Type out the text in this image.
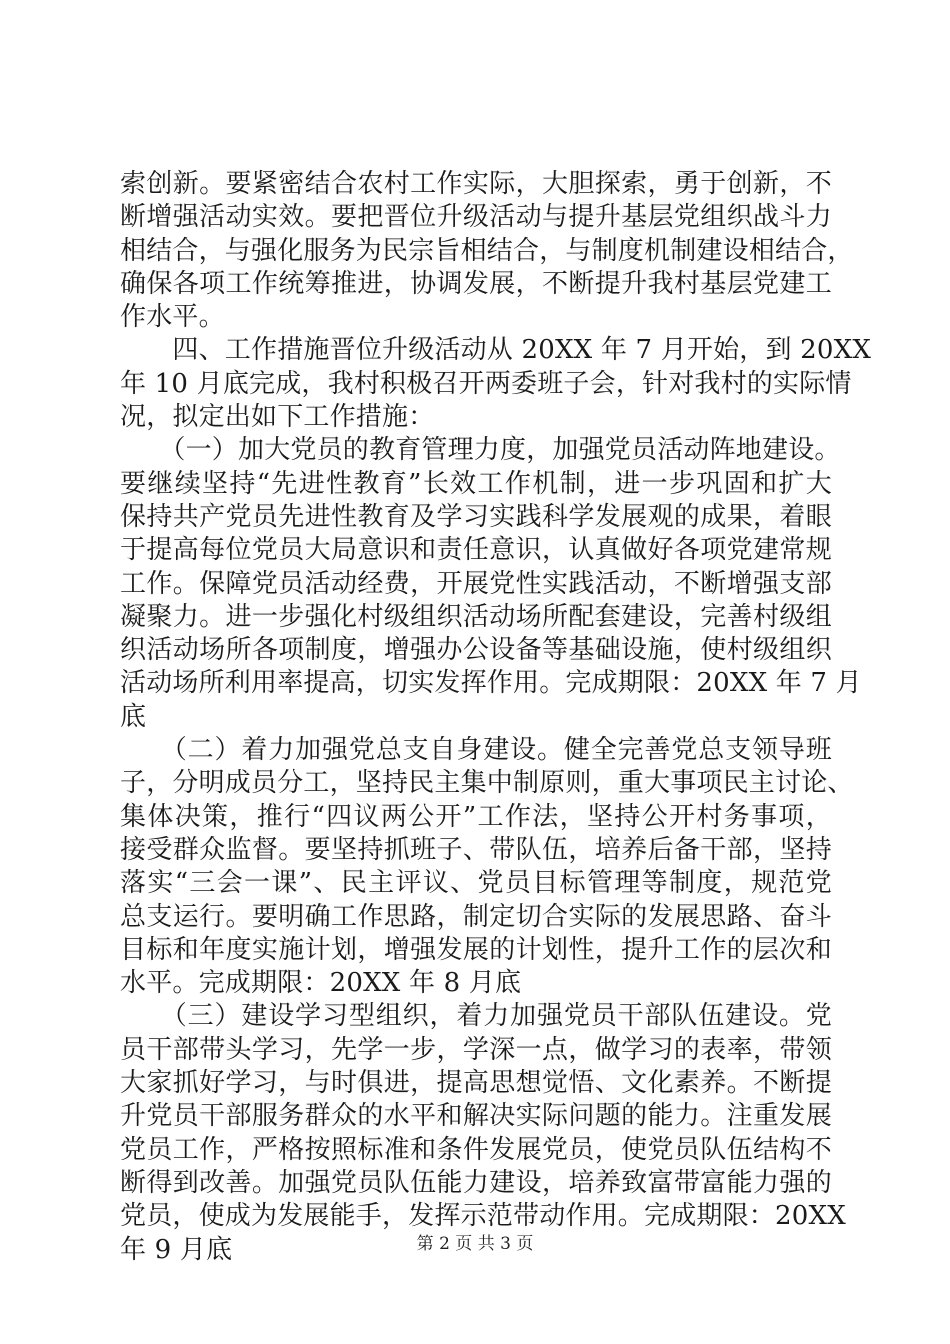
索创新。要紧密结合农村工作实际，大胆探索，勇于创新，不
断增强活动实效。要把晋位升级活动与提升基层党组织战斗力
相结合，与强化服务为民宗旨相结合，与制度机制建设相结合，
确保各项工作统筹推进，协调发展，不断提升我村基层党建工
作水平。
　　四、工作措施晋位升级活动从 20XX 年 7 月开始，到 20XX
年 10 月底完成，我村积极召开两委班子会，针对我村的实际情
况，拟定出如下工作措施：
　　（一）加大党员的教育管理力度，加强党员活动阵地建设。
要继续坚持“先进性教育”长效工作机制，进一步巩固和扩大
保持共产党员先进性教育及学习实践科学发展观的成果，着眼
于提高每位党员大局意识和责任意识，认真做好各项党建常规
工作。保障党员活动经费，开展党性实践活动，不断增强支部
凝聚力。进一步强化村级组织活动场所配套建设，完善村级组
织活动场所各项制度，增强办公设备等基础设施，使村级组织
活动场所利用率提高，切实发挥作用。完成期限：20XX 年 7 月
底
　　（二）着力加强党总支自身建设。健全完善党总支领导班
子，分明成员分工，坚持民主集中制原则，重大事项民主讨论、
集体决策，推行“四议两公开”工作法，坚持公开村务事项，
接受群众监督。要坚持抓班子、带队伍，培养后备干部，坚持
落实“三会一课”、民主评议、党员目标管理等制度，规范党
总支运行。要明确工作思路，制定切合实际的发展思路、奋斗
目标和年度实施计划，增强发展的计划性，提升工作的层次和
水平。完成期限：20XX 年 8 月底
　　（三）建设学习型组织，着力加强党员干部队伍建设。党
员干部带头学习，先学一步，学深一点，做学习的表率，带领
大家抓好学习，与时俱进，提高思想觉悟、文化素养。不断提
升党员干部服务群众的水平和解决实际问题的能力。注重发展
党员工作，严格按照标准和条件发展党员，使党员队伍结构不
断得到改善。加强党员队伍能力建设，培养致富带富能力强的
党员，使成为发展能手，发挥示范带动作用。完成期限：20XX
年 9 月底	第 2 页 共 3 页
